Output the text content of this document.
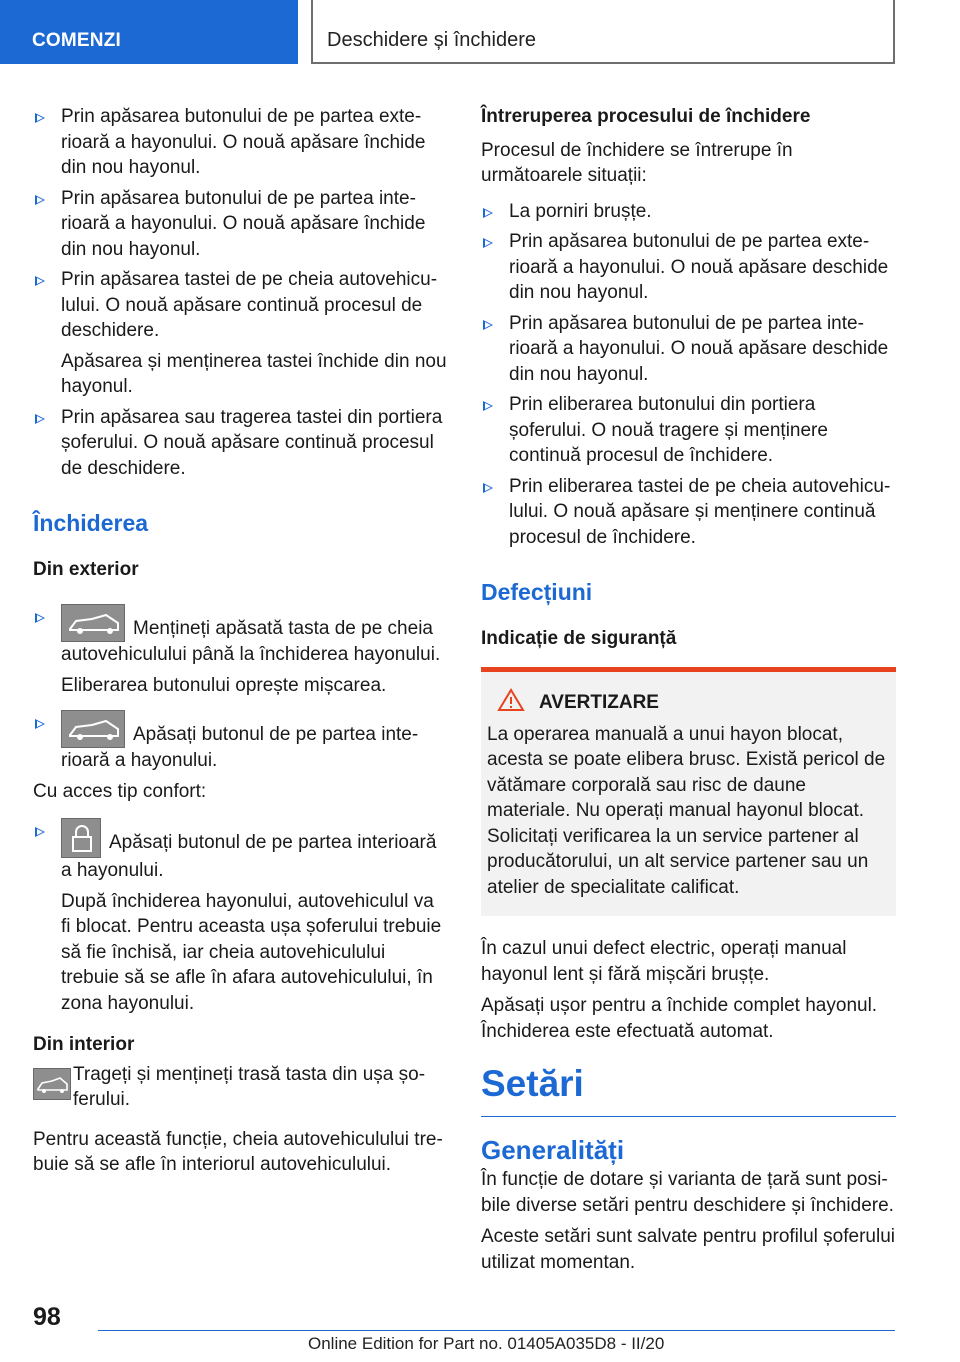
COMENZI	Deschidere și închidere
Prin apăsarea butonului de pe partea exterioară a hayonului. O nouă apăsare închide din nou hayonul.
Prin apăsarea butonului de pe partea interioară a hayonului. O nouă apăsare închide din nou hayonul.
Prin apăsarea tastei de pe cheia autovehiculului. O nouă apăsare continuă procesul de deschidere.
Apăsarea și menținerea tastei închide din nou hayonul.
Prin apăsarea sau tragerea tastei din portiera șoferului. O nouă apăsare continuă procesul de deschidere.
Închiderea
Din exterior
Mențineți apăsată tasta de pe cheia autovehiculului până la închiderea hayonului.
Eliberarea butonului oprește mișcarea.
Apăsați butonul de pe partea interioară a hayonului.

Cu acces tip confort:

Apăsați butonul de pe partea interioară a hayonului.
După închiderea hayonului, autovehiculul va fi blocat. Pentru aceasta ușa șoferului trebuie să fie închisă, iar cheia autovehiculului trebuie să se afle în afara autovehiculului, în zona hayonului.
Din interior
Trageți și mențineți trasă tasta din ușa șoferului.

Pentru această funcție, cheia autovehiculului trebuie să se afle în interiorul autovehiculului.

Întreruperea procesului de închidere

Procesul de închidere se întrerupe în următoarele situații:

La porniri brușțe.
Prin apăsarea butonului de pe partea exterioară a hayonului. O nouă apăsare deschide din nou hayonul.
Prin apăsarea butonului de pe partea interioară a hayonului. O nouă apăsare deschide din nou hayonul.
Prin eliberarea butonului din portiera șoferului. O nouă tragere și menținere continuă procesul de închidere.
Prin eliberarea tastei de pe cheia autovehiculului. O nouă apăsare și menținere continuă procesul de închidere.
Defecțiuni
Indicație de siguranță
AVERTIZARE

La operarea manuală a unui hayon blocat, acesta se poate elibera brusc. Există pericol de vătămare corporală sau risc de daune materiale. Nu operați manual hayonul blocat. Solicitați verificarea la un service partener al producătorului, un alt service partener sau un atelier de specialitate calificat.

În cazul unui defect electric, operați manual hayonul lent și fără mișcări brușțe.

Apăsați ușor pentru a închide complet hayonul. Închiderea este efectuată automat.

Setări
Generalități

În funcție de dotare și varianta de țară sunt posibile diverse setări pentru deschidere și închidere.

Aceste setări sunt salvate pentru profilul șoferului utilizat momentan.

98
Online Edition for Part no. 01405A035D8 - II/20
